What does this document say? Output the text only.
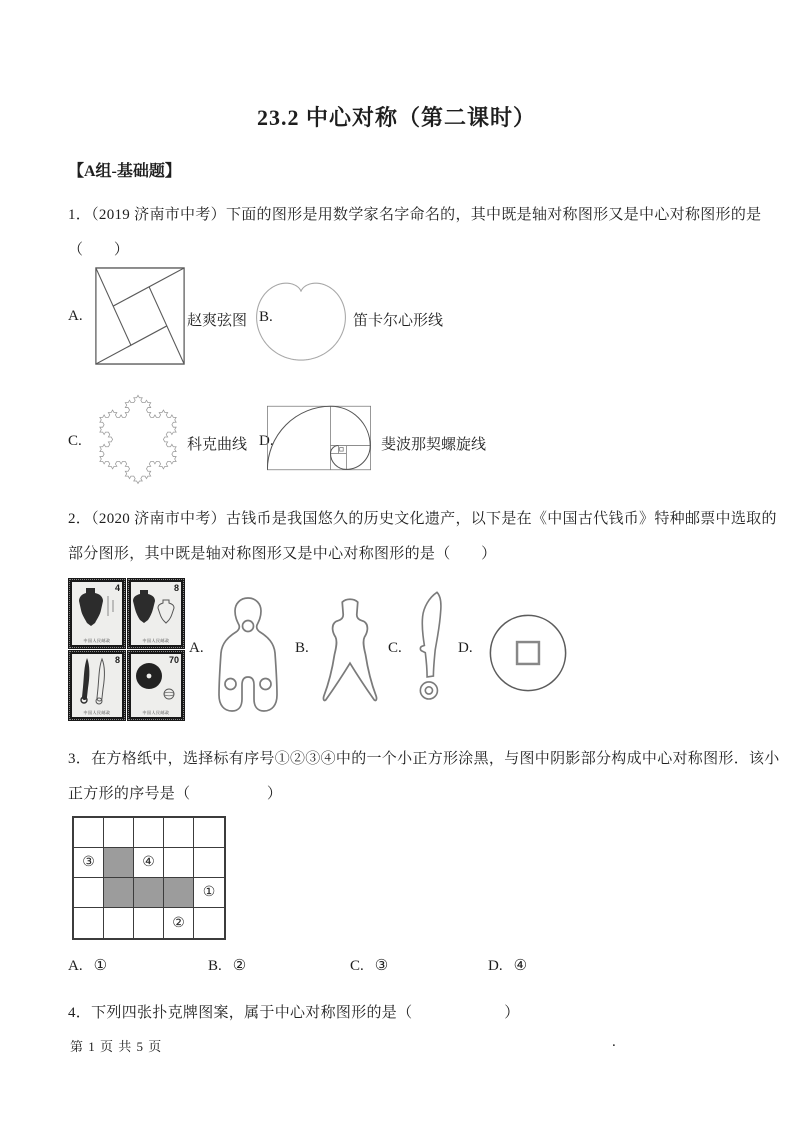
23.2 中心对称（第二课时）
【A组-基础题】
1．（2019 济南市中考）下面的图形是用数学家名字命名的，其中既是轴对称图形又是中心对称图形的是
（　　）
A.	赵爽弦图 B.	笛卡尔心形线
C.	科克曲线 D.	斐波那契螺旋线
2．（2020 济南市中考）古钱币是我国悠久的历史文化遗产，以下是在《中国古代钱币》特种邮票中选取的
部分图形，其中既是轴对称图形又是中心对称图形的是（　　）
4
中国人民邮政
8
中国人民邮政
8
中国人民邮政
70
中国人民邮政
A.	B.	C.	D.
3．在方格纸中，选择标有序号①②③④中的一个小正方形涂黑，与图中阴影部分构成中心对称图形．该小
正方形的序号是（　　　　　）
③	④
①
②
A. ①	B. ②	C. ③	D. ④
4．下列四张扑克牌图案，属于中心对称图形的是（　　　　　　）
第 1 页 共 5 页	.
